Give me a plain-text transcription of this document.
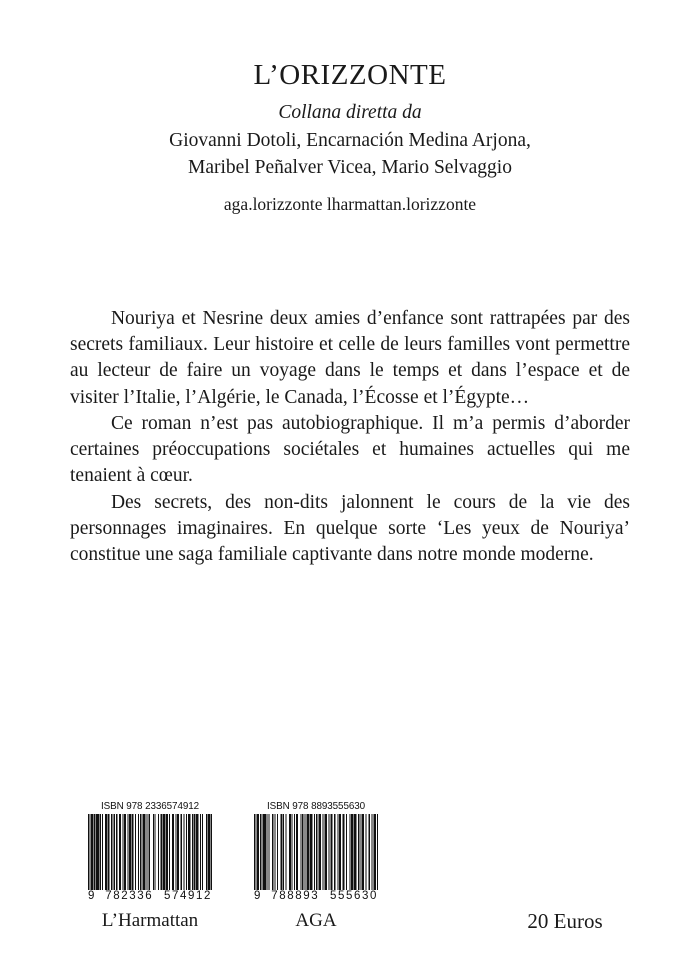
L’ORIZZONTE
Collana diretta da
Giovanni Dotoli, Encarnación Medina Arjona,
Maribel Peñalver Vicea, Mario Selvaggio
aga.lorizzonte lharmattan.lorizzonte

Nouriya et Nesrine deux amies d’enfance sont rattrapées par des secrets familiaux. Leur histoire et celle de leurs familles vont permettre au lecteur de faire un voyage dans le temps et dans l’espace et de visiter l’Italie, l’Algérie, le Canada, l’Écosse et l’Égypte…

Ce roman n’est pas autobiographique. Il m’a permis d’aborder certaines préoccupations sociétales et humaines actuelles qui me tenaient à cœur.

Des secrets, des non-dits jalonnent le cours de la vie des personnages imaginaires. En quelque sorte ‘Les yeux de Nouriya’ constitue une saga familiale captivante dans notre monde moderne.

ISBN 978 2336574912
9 782336 574912
L’Harmattan
ISBN 978 8893555630
9 788893 555630
AGA	20 Euros
